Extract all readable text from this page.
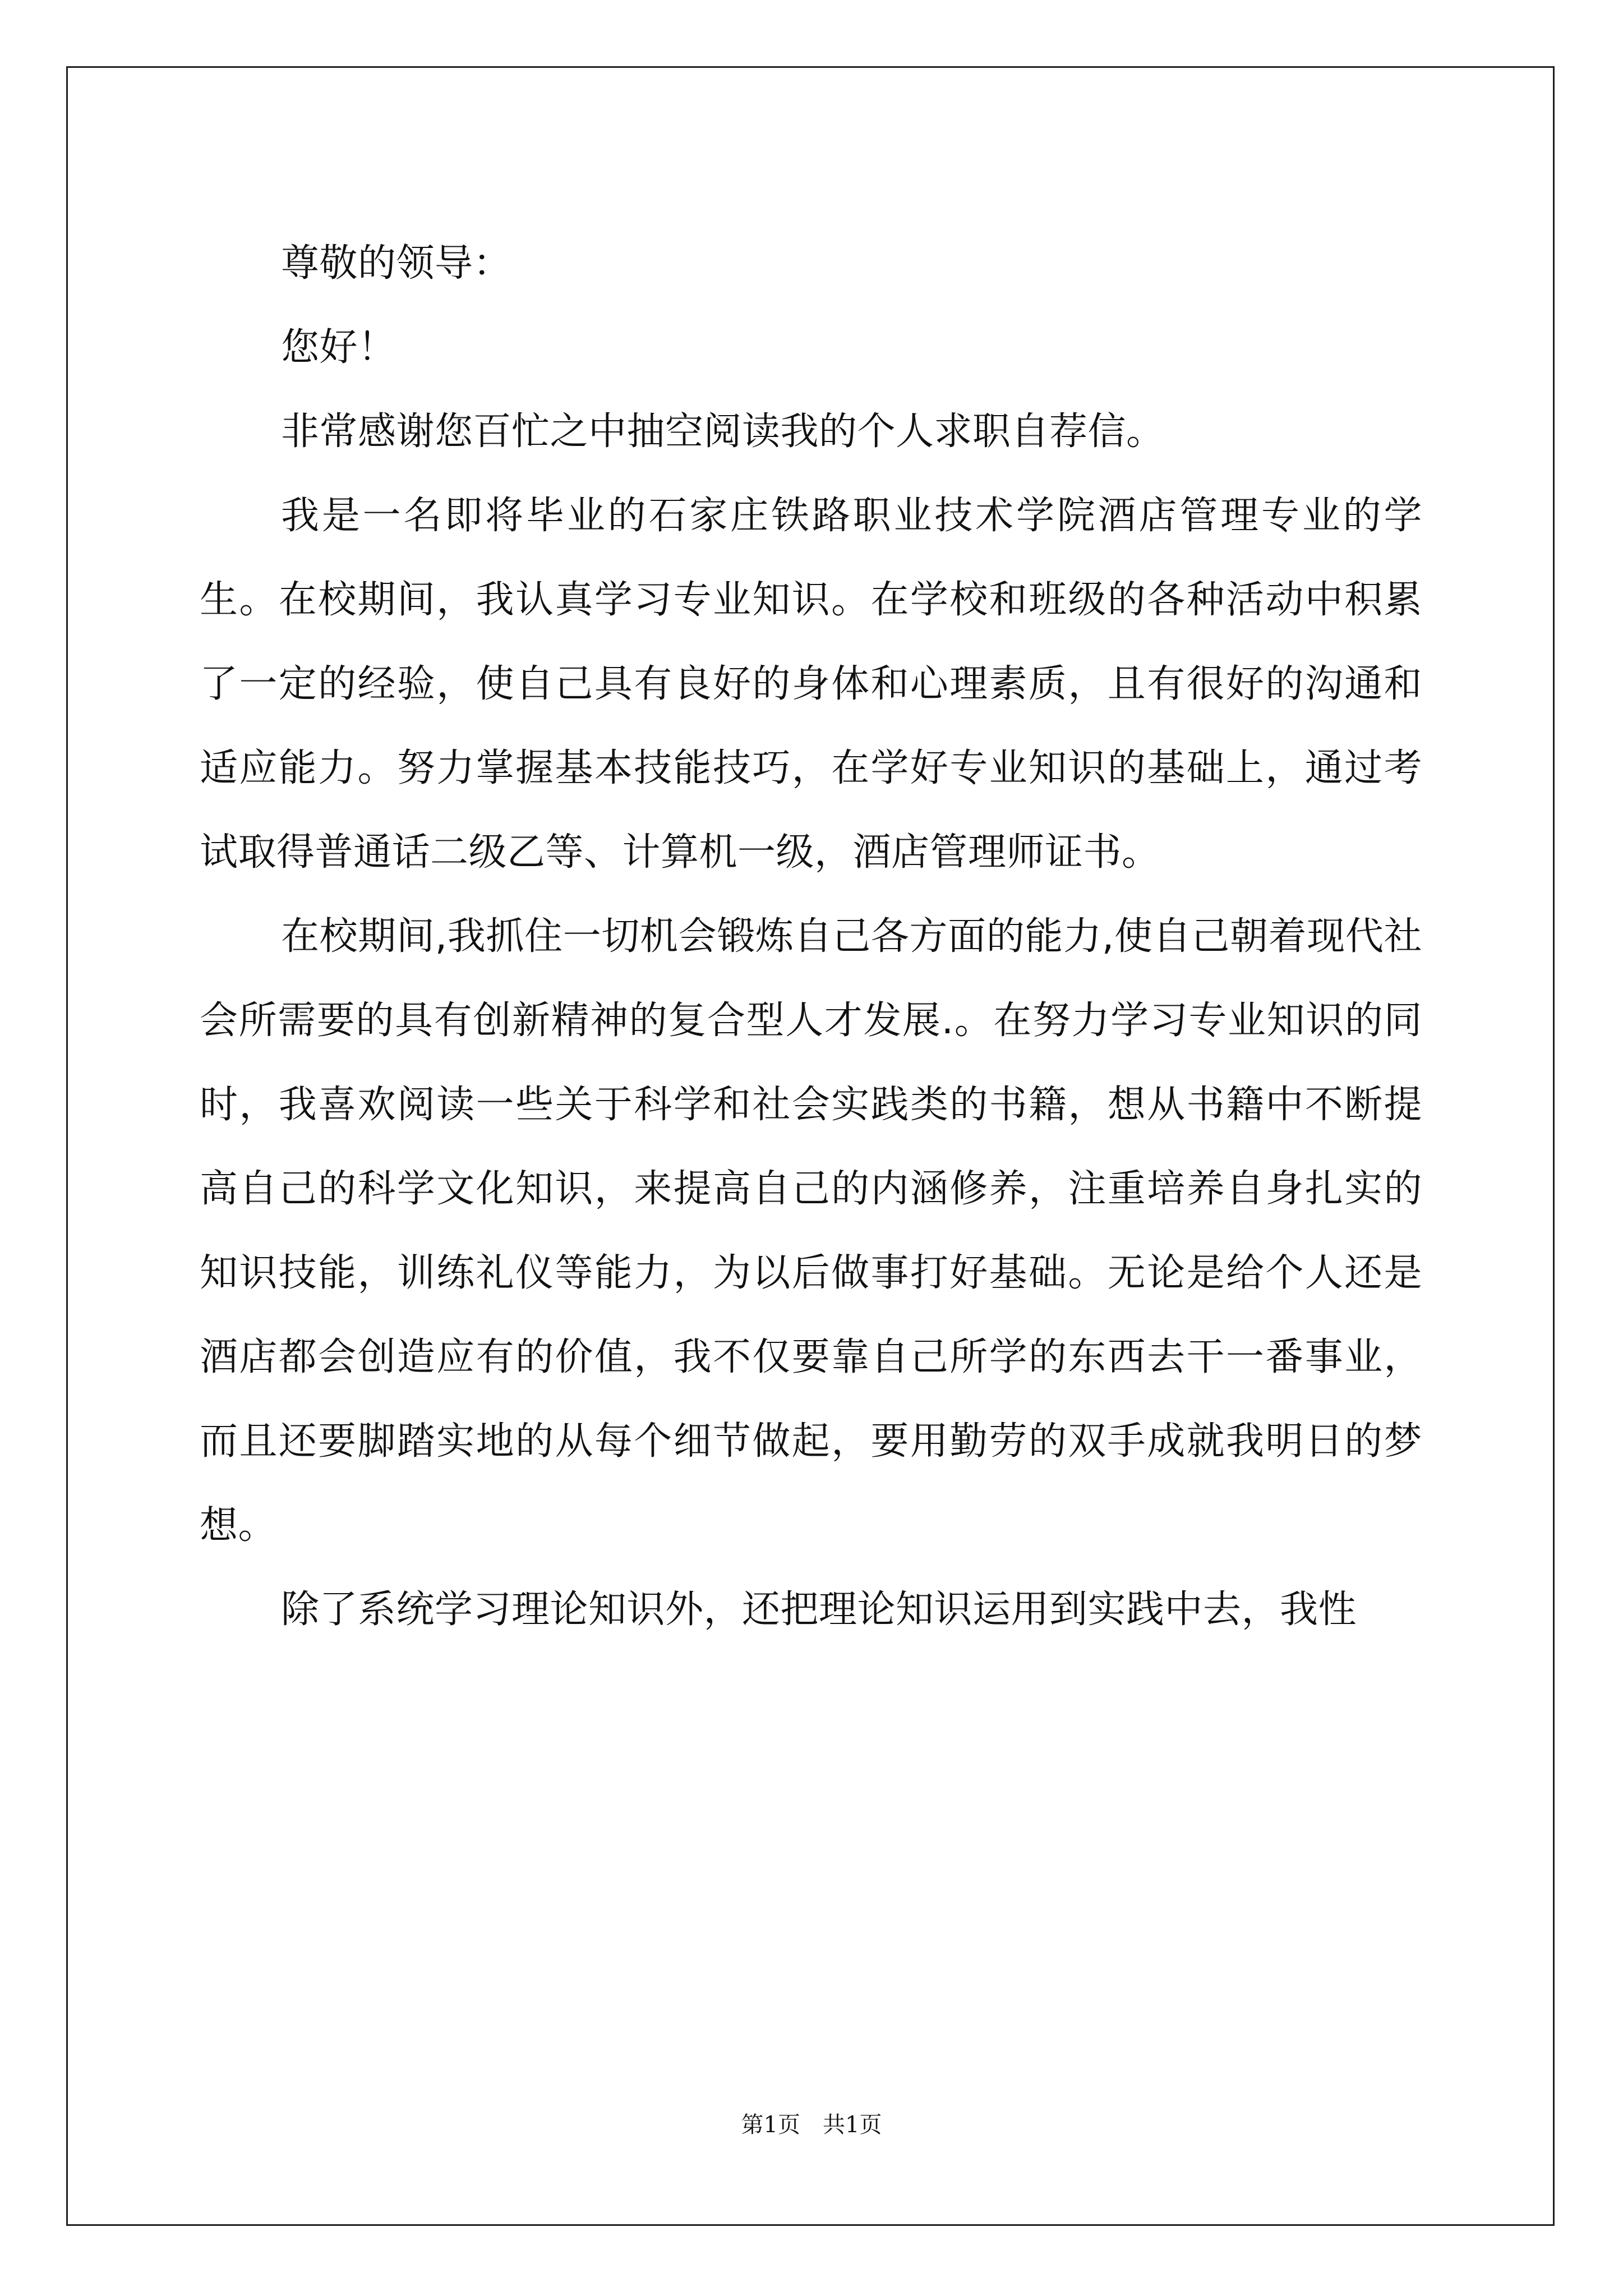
尊敬的领导：

您好！

非常感谢您百忙之中抽空阅读我的个人求职自荐信。

我是一名即将毕业的石家庄铁路职业技术学院酒店管理专业的学生。在校期间，我认真学习专业知识。在学校和班级的各种活动中积累了一定的经验，使自己具有良好的身体和心理素质，且有很好的沟通和适应能力。努力掌握基本技能技巧，在学好专业知识的基础上，通过考试取得普通话二级乙等、计算机一级，酒店管理师证书。

在校期间,我抓住一切机会锻炼自己各方面的能力,使自己朝着现代社会所需要的具有创新精神的复合型人才发展.。在努力学习专业知识的同时，我喜欢阅读一些关于科学和社会实践类的书籍，想从书籍中不断提高自己的科学文化知识，来提高自己的内涵修养，注重培养自身扎实的知识技能，训练礼仪等能力，为以后做事打好基础。无论是给个人还是酒店都会创造应有的价值，我不仅要靠自己所学的东西去干一番事业，而且还要脚踏实地的从每个细节做起，要用勤劳的双手成就我明日的梦想。

除了系统学习理论知识外，还把理论知识运用到实践中去，我性

第1页 共1页
